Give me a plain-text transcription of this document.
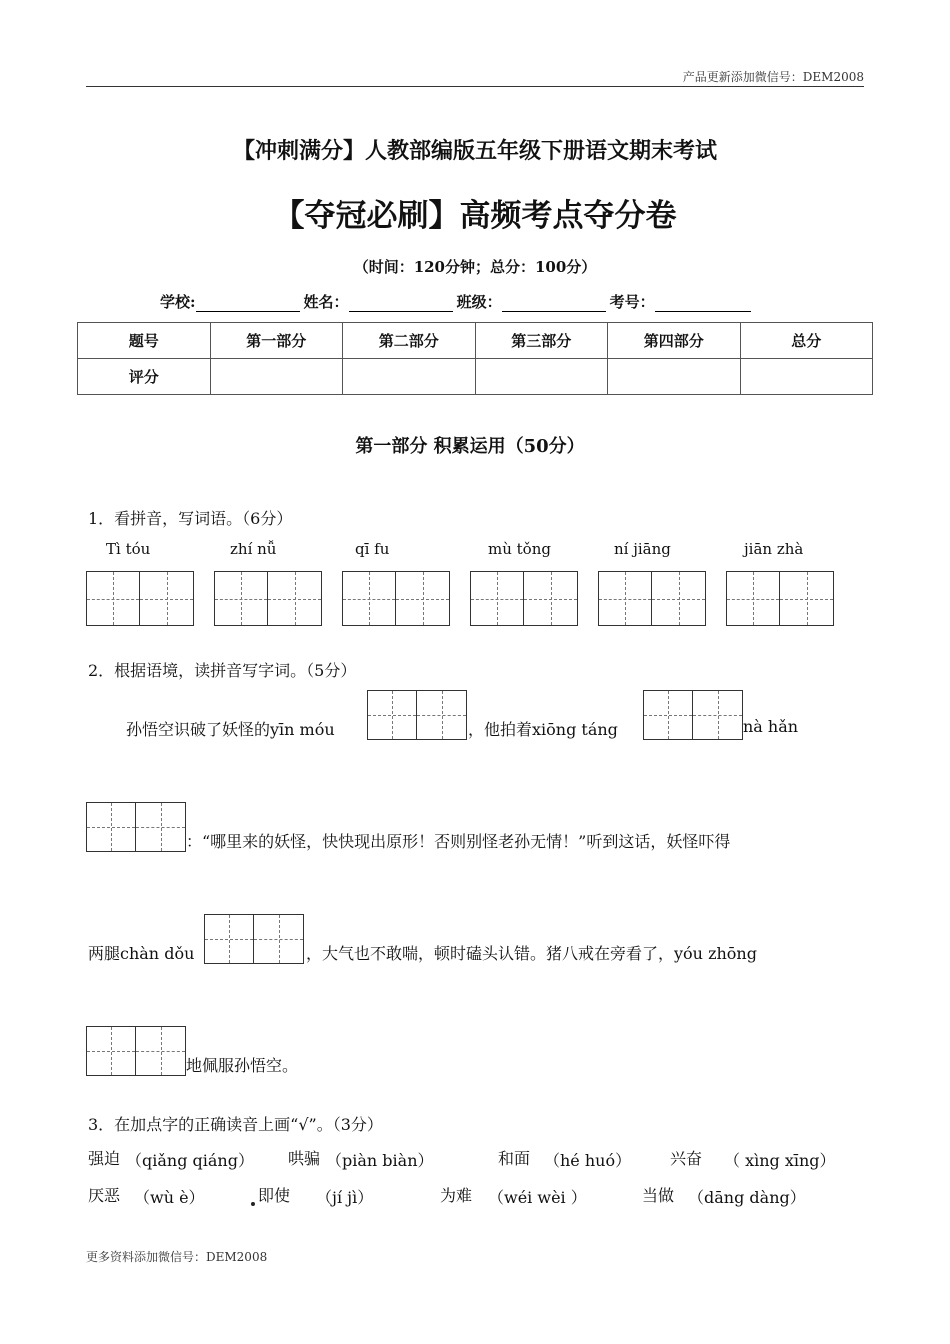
产品更新添加微信号：DEM2008
【冲刺满分】人教部编版五年级下册语文期末考试
【夺冠必刷】高频考点夺分卷
（时间：120分钟；总分：100分）
学校:	姓名：	班级：	考号：
题号	第一部分	第二部分	第三部分	第四部分	总分
评分					
第一部分 积累运用（50分）
1．看拼音，写词语。（6分）
Tì tóu	zhí nǚ	qī fu	mù tǒng	ní jiāng	jiān zhà
2．根据语境，读拼音写字词。（5分）
孙悟空识破了妖怪的yīn móu	，他拍着xiōng táng	nà hǎn
：“哪里来的妖怪，快快现出原形！否则别怪老孙无情！”听到这话，妖怪吓得
两腿chàn dǒu	，大气也不敢喘，顿时磕头认错。猪八戒在旁看了，yóu zhōng
地佩服孙悟空。
3．在加点字的正确读音上画“√”。（3分）
强迫 （qiǎng qiáng） 哄骗 （piàn biàn）	和面 （hé huó） 兴奋 （ xìng xīng）
厌恶 （wù è）	即使 （jí jì）	为难 （wéi wèi ）	当做 （dāng dàng）
更多资料添加微信号：DEM2008
